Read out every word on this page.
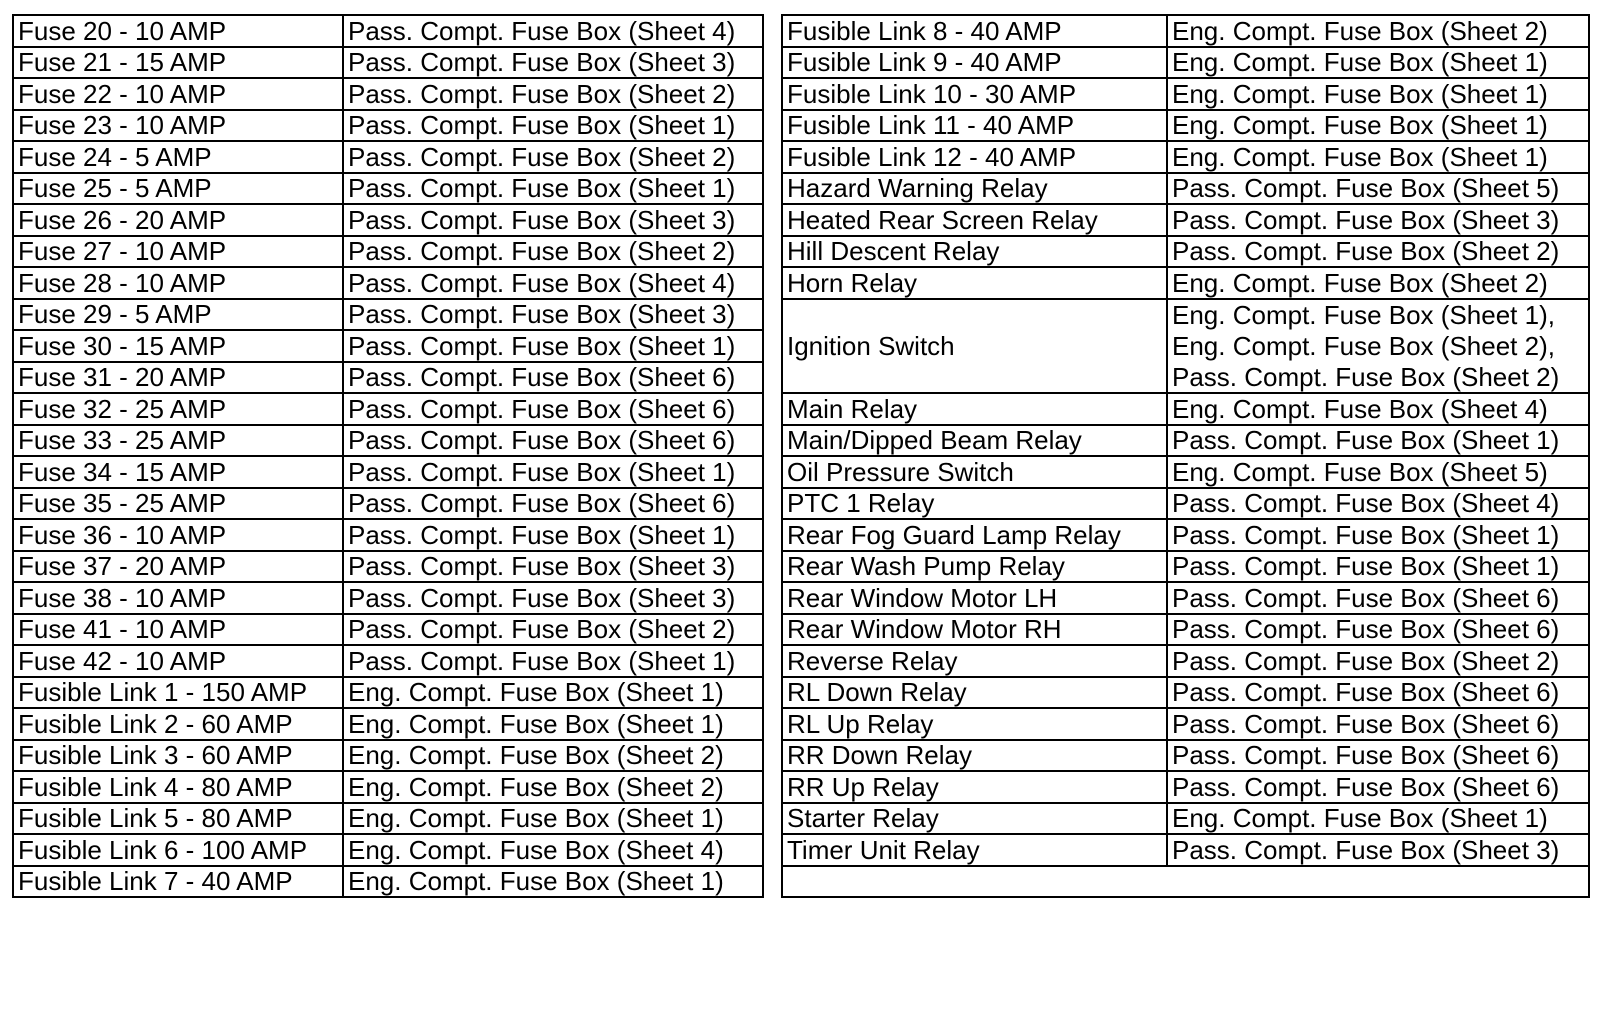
Fuse 20 - 10 AMP	Pass. Compt. Fuse Box (Sheet 4)
Fuse 21 - 15 AMP	Pass. Compt. Fuse Box (Sheet 3)
Fuse 22 - 10 AMP	Pass. Compt. Fuse Box (Sheet 2)
Fuse 23 - 10 AMP	Pass. Compt. Fuse Box (Sheet 1)
Fuse 24 - 5 AMP	Pass. Compt. Fuse Box (Sheet 2)
Fuse 25 - 5 AMP	Pass. Compt. Fuse Box (Sheet 1)
Fuse 26 - 20 AMP	Pass. Compt. Fuse Box (Sheet 3)
Fuse 27 - 10 AMP	Pass. Compt. Fuse Box (Sheet 2)
Fuse 28 - 10 AMP	Pass. Compt. Fuse Box (Sheet 4)
Fuse 29 - 5 AMP	Pass. Compt. Fuse Box (Sheet 3)
Fuse 30 - 15 AMP	Pass. Compt. Fuse Box (Sheet 1)
Fuse 31 - 20 AMP	Pass. Compt. Fuse Box (Sheet 6)
Fuse 32 - 25 AMP	Pass. Compt. Fuse Box (Sheet 6)
Fuse 33 - 25 AMP	Pass. Compt. Fuse Box (Sheet 6)
Fuse 34 - 15 AMP	Pass. Compt. Fuse Box (Sheet 1)
Fuse 35 - 25 AMP	Pass. Compt. Fuse Box (Sheet 6)
Fuse 36 - 10 AMP	Pass. Compt. Fuse Box (Sheet 1)
Fuse 37 - 20 AMP	Pass. Compt. Fuse Box (Sheet 3)
Fuse 38 - 10 AMP	Pass. Compt. Fuse Box (Sheet 3)
Fuse 41 - 10 AMP	Pass. Compt. Fuse Box (Sheet 2)
Fuse 42 - 10 AMP	Pass. Compt. Fuse Box (Sheet 1)
Fusible Link 1 - 150 AMP	Eng. Compt. Fuse Box (Sheet 1)
Fusible Link 2 - 60 AMP	Eng. Compt. Fuse Box (Sheet 1)
Fusible Link 3 - 60 AMP	Eng. Compt. Fuse Box (Sheet 2)
Fusible Link 4 - 80 AMP	Eng. Compt. Fuse Box (Sheet 2)
Fusible Link 5 - 80 AMP	Eng. Compt. Fuse Box (Sheet 1)
Fusible Link 6 - 100 AMP	Eng. Compt. Fuse Box (Sheet 4)
Fusible Link 7 - 40 AMP	Eng. Compt. Fuse Box (Sheet 1)
Fusible Link 8 - 40 AMP	Eng. Compt. Fuse Box (Sheet 2)
Fusible Link 9 - 40 AMP	Eng. Compt. Fuse Box (Sheet 1)
Fusible Link 10 - 30 AMP	Eng. Compt. Fuse Box (Sheet 1)
Fusible Link 11 - 40 AMP	Eng. Compt. Fuse Box (Sheet 1)
Fusible Link 12 - 40 AMP	Eng. Compt. Fuse Box (Sheet 1)
Hazard Warning Relay	Pass. Compt. Fuse Box (Sheet 5)
Heated Rear Screen Relay	Pass. Compt. Fuse Box (Sheet 3)
Hill Descent Relay	Pass. Compt. Fuse Box (Sheet 2)
Horn Relay	Eng. Compt. Fuse Box (Sheet 2)
Ignition Switch	Eng. Compt. Fuse Box (Sheet 1),
	Eng. Compt. Fuse Box (Sheet 2),
	Pass. Compt. Fuse Box (Sheet 2)
Main Relay	Eng. Compt. Fuse Box (Sheet 4)
Main/Dipped Beam Relay	Pass. Compt. Fuse Box (Sheet 1)
Oil Pressure Switch	Eng. Compt. Fuse Box (Sheet 5)
PTC 1 Relay	Pass. Compt. Fuse Box (Sheet 4)
Rear Fog Guard Lamp Relay	Pass. Compt. Fuse Box (Sheet 1)
Rear Wash Pump Relay	Pass. Compt. Fuse Box (Sheet 1)
Rear Window Motor LH	Pass. Compt. Fuse Box (Sheet 6)
Rear Window Motor RH	Pass. Compt. Fuse Box (Sheet 6)
Reverse Relay	Pass. Compt. Fuse Box (Sheet 2)
RL Down Relay	Pass. Compt. Fuse Box (Sheet 6)
RL Up Relay	Pass. Compt. Fuse Box (Sheet 6)
RR Down Relay	Pass. Compt. Fuse Box (Sheet 6)
RR Up Relay	Pass. Compt. Fuse Box (Sheet 6)
Starter Relay	Eng. Compt. Fuse Box (Sheet 1)
Timer Unit Relay	Pass. Compt. Fuse Box (Sheet 3)
